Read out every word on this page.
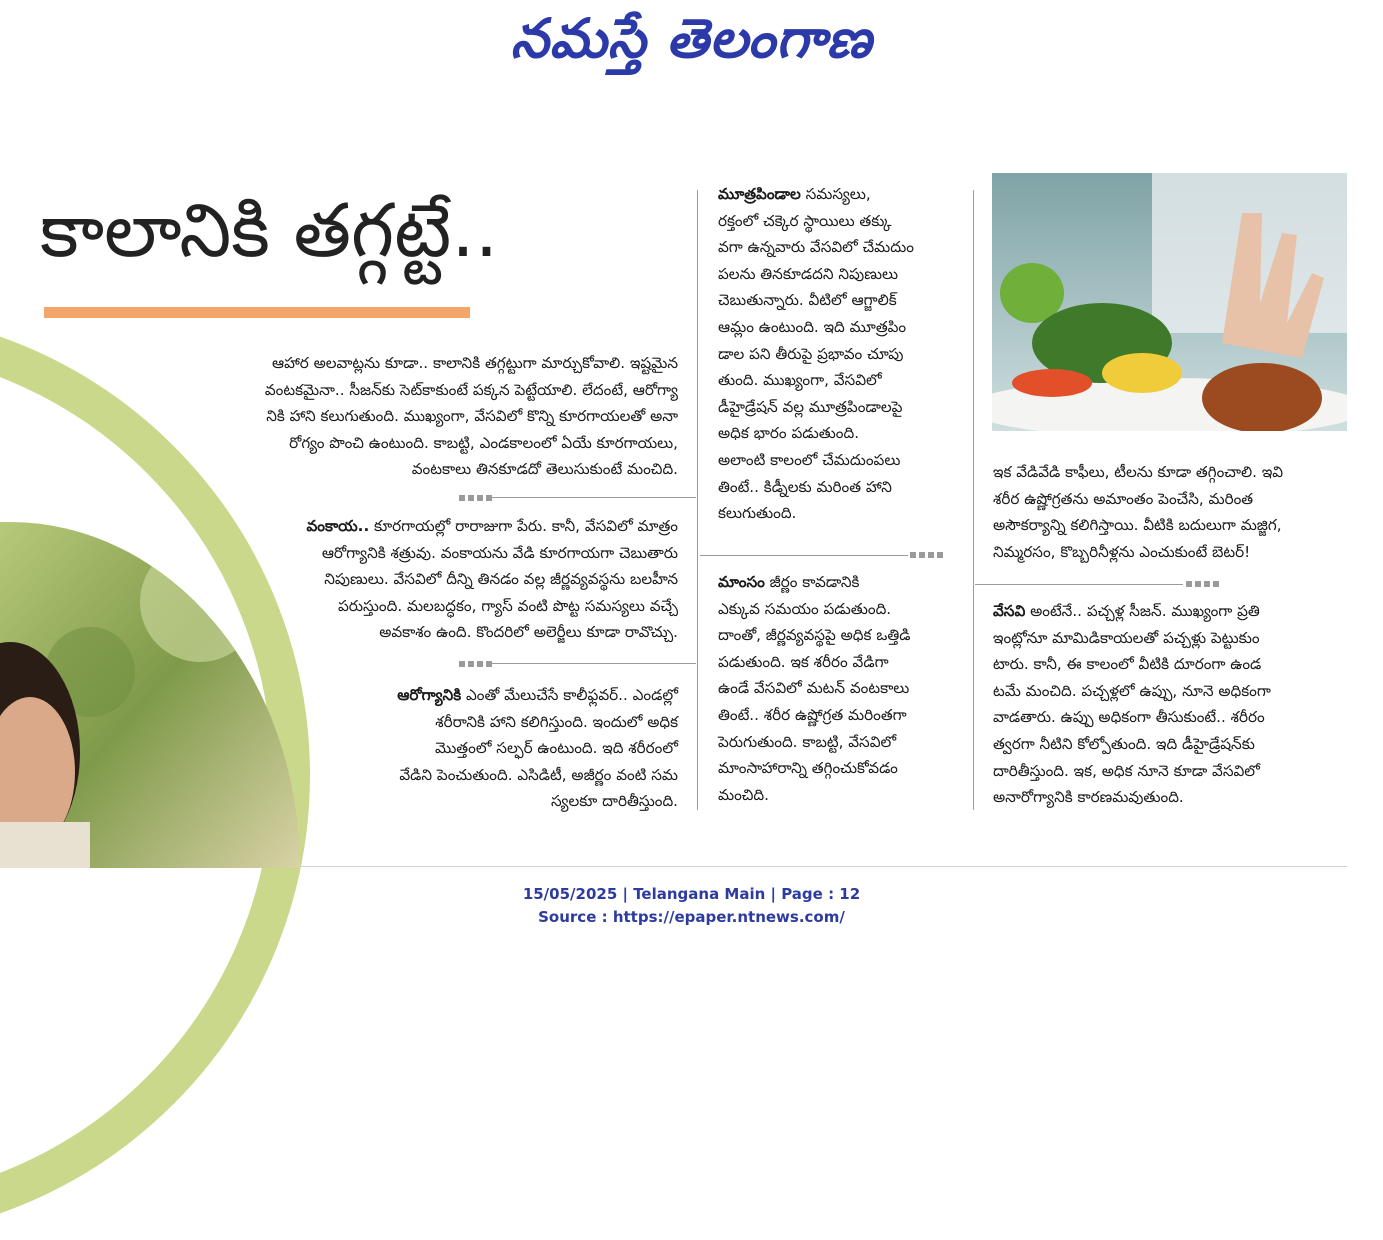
నమస్తే తెలంగాణ
కాలానికి తగ్గట్టే..

ఆహార అలవాట్లను కూడా.. కాలానికి తగ్గట్టుగా మార్చుకోవాలి. ఇష్టమైన

వంటకమైనా.. సీజన్‌కు సెట్‌కాకుంటే పక్కన పెట్టేయాలి. లేదంటే, ఆరోగ్యా

నికి హాని కలుగుతుంది. ముఖ్యంగా, వేసవిలో కొన్ని కూరగాయలతో అనా

రోగ్యం పొంచి ఉంటుంది. కాబట్టి, ఎండకాలంలో ఏయే కూరగాయలు,

వంటకాలు తినకూడదో తెలుసుకుంటే మంచిది.

వంకాయ.. కూరగాయల్లో రారాజుగా పేరు. కానీ, వేసవిలో మాత్రం

ఆరోగ్యానికి శత్రువు. వంకాయను వేడి కూరగాయగా చెబుతారు

నిపుణులు. వేసవిలో దీన్ని తినడం వల్ల జీర్ణవ్యవస్థను బలహీన

పరుస్తుంది. మలబద్ధకం, గ్యాస్ వంటి పొట్ట సమస్యలు వచ్చే

అవకాశం ఉంది. కొందరిలో అలెర్జీలు కూడా రావొచ్చు.

ఆరోగ్యానికి ఎంతో మేలుచేసే కాలీఫ్లవర్.. ఎండల్లో

శరీరానికి హాని కలిగిస్తుంది. ఇందులో అధిక

మొత్తంలో సల్ఫర్ ఉంటుంది. ఇది శరీరంలో

వేడిని పెంచుతుంది. ఎసిడిటీ, అజీర్ణం వంటి సమ

స్యలకూ దారితీస్తుంది.

మూత్రపిండాల సమస్యలు,

రక్తంలో చక్కెర స్థాయిలు తక్కు

వగా ఉన్నవారు వేసవిలో చేమదుం

పలను తినకూడదని నిపుణులు

చెబుతున్నారు. వీటిలో ఆగ్జాలిక్

ఆమ్లం ఉంటుంది. ఇది మూత్రపిం

డాల పని తీరుపై ప్రభావం చూపు

తుంది. ముఖ్యంగా, వేసవిలో

డీహైడ్రేషన్ వల్ల మూత్రపిండాలపై

అధిక భారం పడుతుంది.

అలాంటి కాలంలో చేమదుంపలు

తింటే.. కిడ్నీలకు మరింత హాని

కలుగుతుంది.

మాంసం జీర్ణం కావడానికి

ఎక్కువ సమయం పడుతుంది.

దాంతో, జీర్ణవ్యవస్థపై అధిక ఒత్తిడి

పడుతుంది. ఇక శరీరం వేడిగా

ఉండే వేసవిలో మటన్ వంటకాలు

తింటే.. శరీర ఉష్ణోగ్రత మరింతగా

పెరుగుతుంది. కాబట్టి, వేసవిలో

మాంసాహారాన్ని తగ్గించుకోవడం

మంచిది.

ఇక వేడివేడి కాఫీలు, టీలను కూడా తగ్గించాలి. ఇవి

శరీర ఉష్ణోగ్రతను అమాంతం పెంచేసి, మరింత

అసౌకర్యాన్ని కలిగిస్తాయి. వీటికి బదులుగా మజ్జిగ,

నిమ్మరసం, కొబ్బరినీళ్లను ఎంచుకుంటే బెటర్!

వేసవి అంటేనే.. పచ్చళ్ల సీజన్. ముఖ్యంగా ప్రతి

ఇంట్లోనూ మామిడికాయలతో పచ్చళ్లు పెట్టుకుం

టారు. కానీ, ఈ కాలంలో వీటికి దూరంగా ఉండ

టమే మంచిది. పచ్చళ్లలో ఉప్పు, నూనె అధికంగా

వాడతారు. ఉప్పు అధికంగా తీసుకుంటే.. శరీరం

త్వరగా నీటిని కోల్పోతుంది. ఇది డీహైడ్రేషన్‌కు

దారితీస్తుంది. ఇక, అధిక నూనె కూడా వేసవిలో

అనారోగ్యానికి కారణమవుతుంది.

15/05/2025 | Telangana Main | Page : 12
Source : https://epaper.ntnews.com/
